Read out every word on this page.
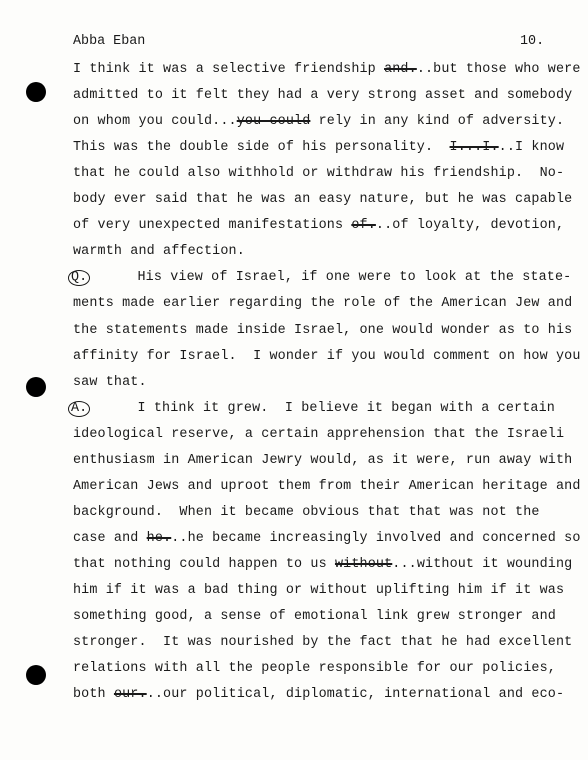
Abba Eban	10.
I think it was a selective friendship and...but those who were
admitted to it felt they had a very strong asset and somebody
on whom you could...you could rely in any kind of adversity.
This was the double side of his personality.  I...I...I know
that he could also withhold or withdraw his friendship.  No-
body ever said that he was an easy nature, but he was capable
of very unexpected manifestations of...of loyalty, devotion,
warmth and affection.
Q.      His view of Israel, if one were to look at the state-
ments made earlier regarding the role of the American Jew and
the statements made inside Israel, one would wonder as to his
affinity for Israel.  I wonder if you would comment on how you
saw that.
A.      I think it grew.  I believe it began with a certain
ideological reserve, a certain apprehension that the Israeli
enthusiasm in American Jewry would, as it were, run away with
American Jews and uproot them from their American heritage and
background.  When it became obvious that that was not the
case and he...he became increasingly involved and concerned so
that nothing could happen to us without...without it wounding
him if it was a bad thing or without uplifting him if it was
something good, a sense of emotional link grew stronger and
stronger.  It was nourished by the fact that he had excellent
relations with all the people responsible for our policies,
both our...our political, diplomatic, international and eco-
